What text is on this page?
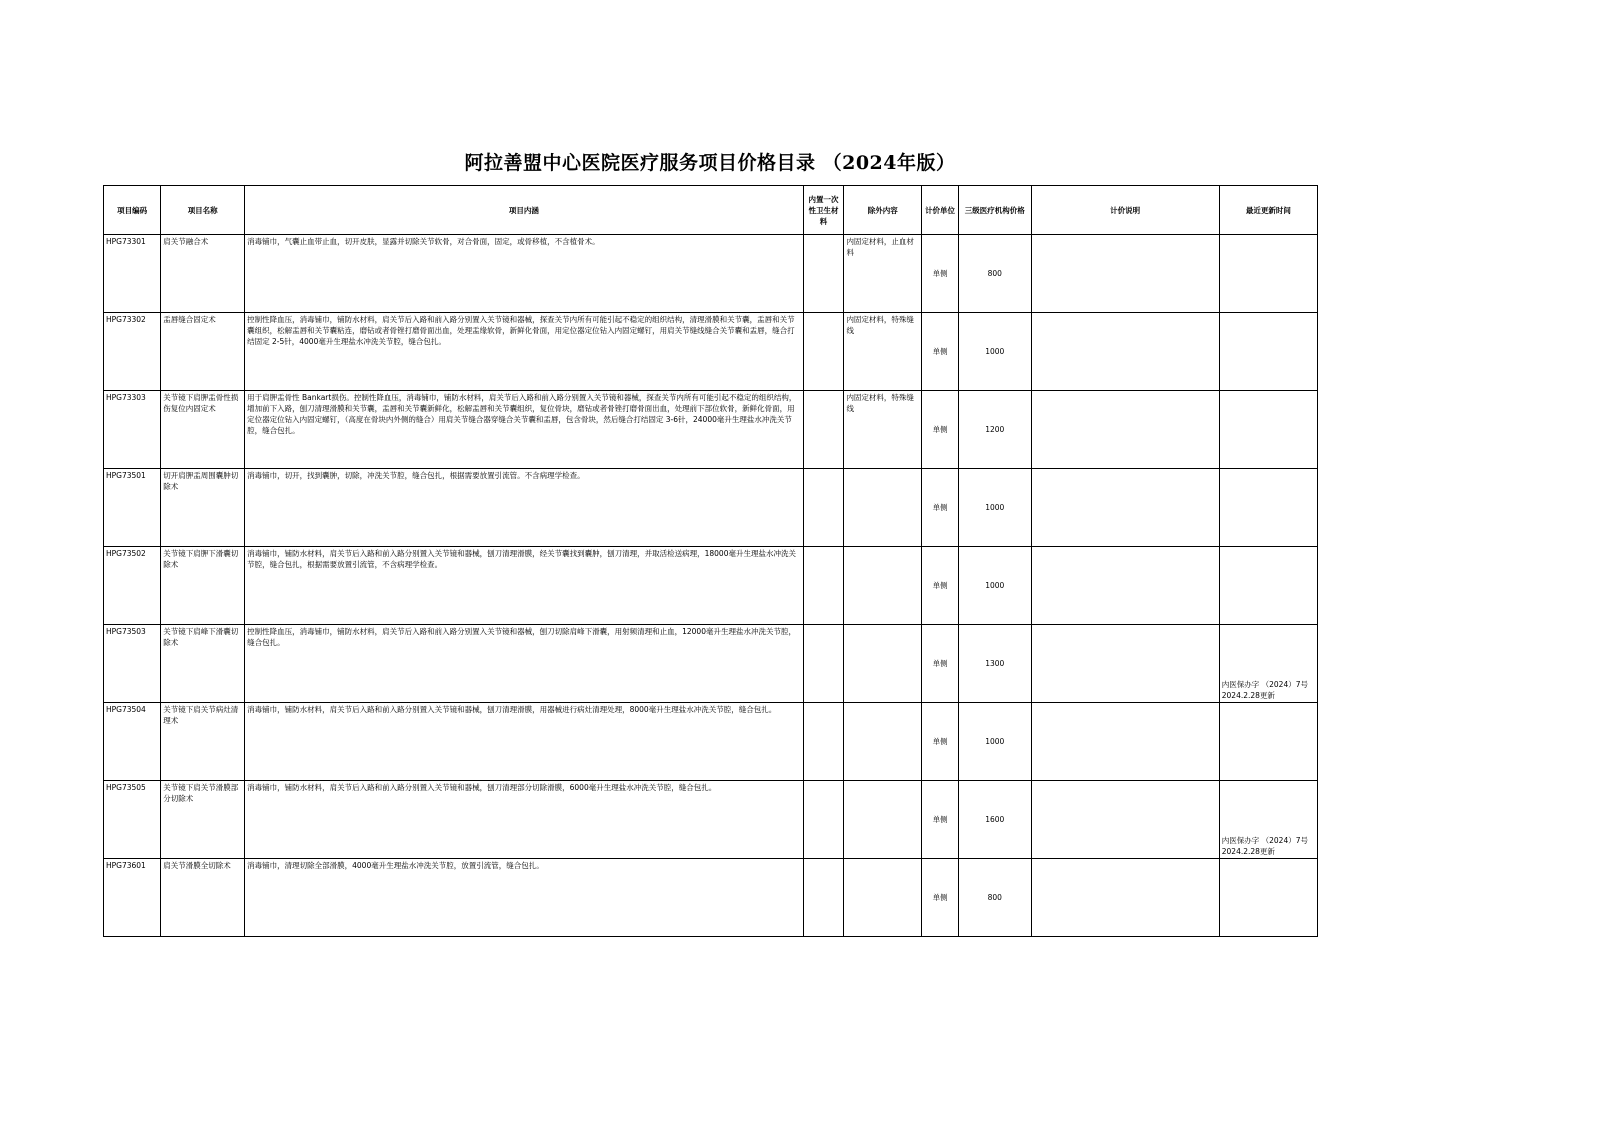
阿拉善盟中心医院医疗服务项目价格目录 （2024年版）
项目编码	项目名称	项目内涵	内置一次性卫生材料	除外内容	计价单位	三级医疗机构价格	计价说明	最近更新时间
HPG73301	肩关节融合术	消毒铺巾，气囊止血带止血，切开皮肤，显露并切除关节软骨，对合骨面，固定，或骨移植，不含植骨术。		内固定材料，止血材料	单侧	800		
HPG73302	盂唇缝合固定术	控制性降血压，消毒铺巾，铺防水材料，肩关节后入路和前入路分别置入关节镜和器械，探查关节内所有可能引起不稳定的组织结构，清理滑膜和关节囊，盂唇和关节囊组织，松解盂唇和关节囊粘连，磨钻或者骨锉打磨骨面出血，处理盂缘软骨，新鲜化骨面，用定位器定位钻入内固定螺钉，用肩关节缝线缝合关节囊和盂唇，缝合打结固定 2-5针，4000毫升生理盐水冲洗关节腔，缝合包扎。		内固定材料，特殊缝线	单侧	1000		
HPG73303	关节镜下肩胛盂骨性损伤复位内固定术	用于肩胛盂骨性 Bankart损伤。控制性降血压，消毒铺巾，铺防水材料，肩关节后入路和前入路分别置入关节镜和器械，探查关节内所有可能引起不稳定的组织结构，增加前下入路，刨刀清理滑膜和关节囊，盂唇和关节囊新鲜化，松解盂唇和关节囊组织，复位骨块，磨钻或者骨锉打磨骨面出血，处理前下部位软骨，新鲜化骨面，用定位器定位钻入内固定螺钉，（高度在骨块内外侧的缝合）用肩关节缝合器穿缝合关节囊和盂唇，包含骨块，然后缝合打结固定 3-6针，24000毫升生理盐水冲洗关节腔，缝合包扎。		内固定材料，特殊缝线	单侧	1200		
HPG73501	切开肩胛盂周围囊肿切除术	消毒铺巾，切开，找到囊肿，切除，冲洗关节腔，缝合包扎，根据需要放置引流管。不含病理学检查。			单侧	1000		
HPG73502	关节镜下肩胛下滑囊切除术	消毒铺巾，铺防水材料，肩关节后入路和前入路分别置入关节镜和器械，刨刀清理滑膜，经关节囊找到囊肿，刨刀清理，并取活检送病理，18000毫升生理盐水冲洗关节腔，缝合包扎，根据需要放置引流管，不含病理学检查。			单侧	1000		
HPG73503	关节镜下肩峰下滑囊切除术	控制性降血压，消毒铺巾，铺防水材料，肩关节后入路和前入路分别置入关节镜和器械，刨刀切除肩峰下滑囊，用射频清理和止血，12000毫升生理盐水冲洗关节腔，缝合包扎。			单侧	1300		内医保办字 （2024）7号 2024.2.28更新
HPG73504	关节镜下肩关节病灶清理术	消毒铺巾，铺防水材料，肩关节后入路和前入路分别置入关节镜和器械，刨刀清理滑膜，用器械进行病灶清理处理，8000毫升生理盐水冲洗关节腔，缝合包扎。			单侧	1000		
HPG73505	关节镜下肩关节滑膜部分切除术	消毒铺巾，铺防水材料，肩关节后入路和前入路分别置入关节镜和器械，刨刀清理部分切除滑膜，6000毫升生理盐水冲洗关节腔，缝合包扎。			单侧	1600		内医保办字 （2024）7号 2024.2.28更新
HPG73601	肩关节滑膜全切除术	消毒铺巾，清理切除全部滑膜，4000毫升生理盐水冲洗关节腔，放置引流管，缝合包扎。			单侧	800		
